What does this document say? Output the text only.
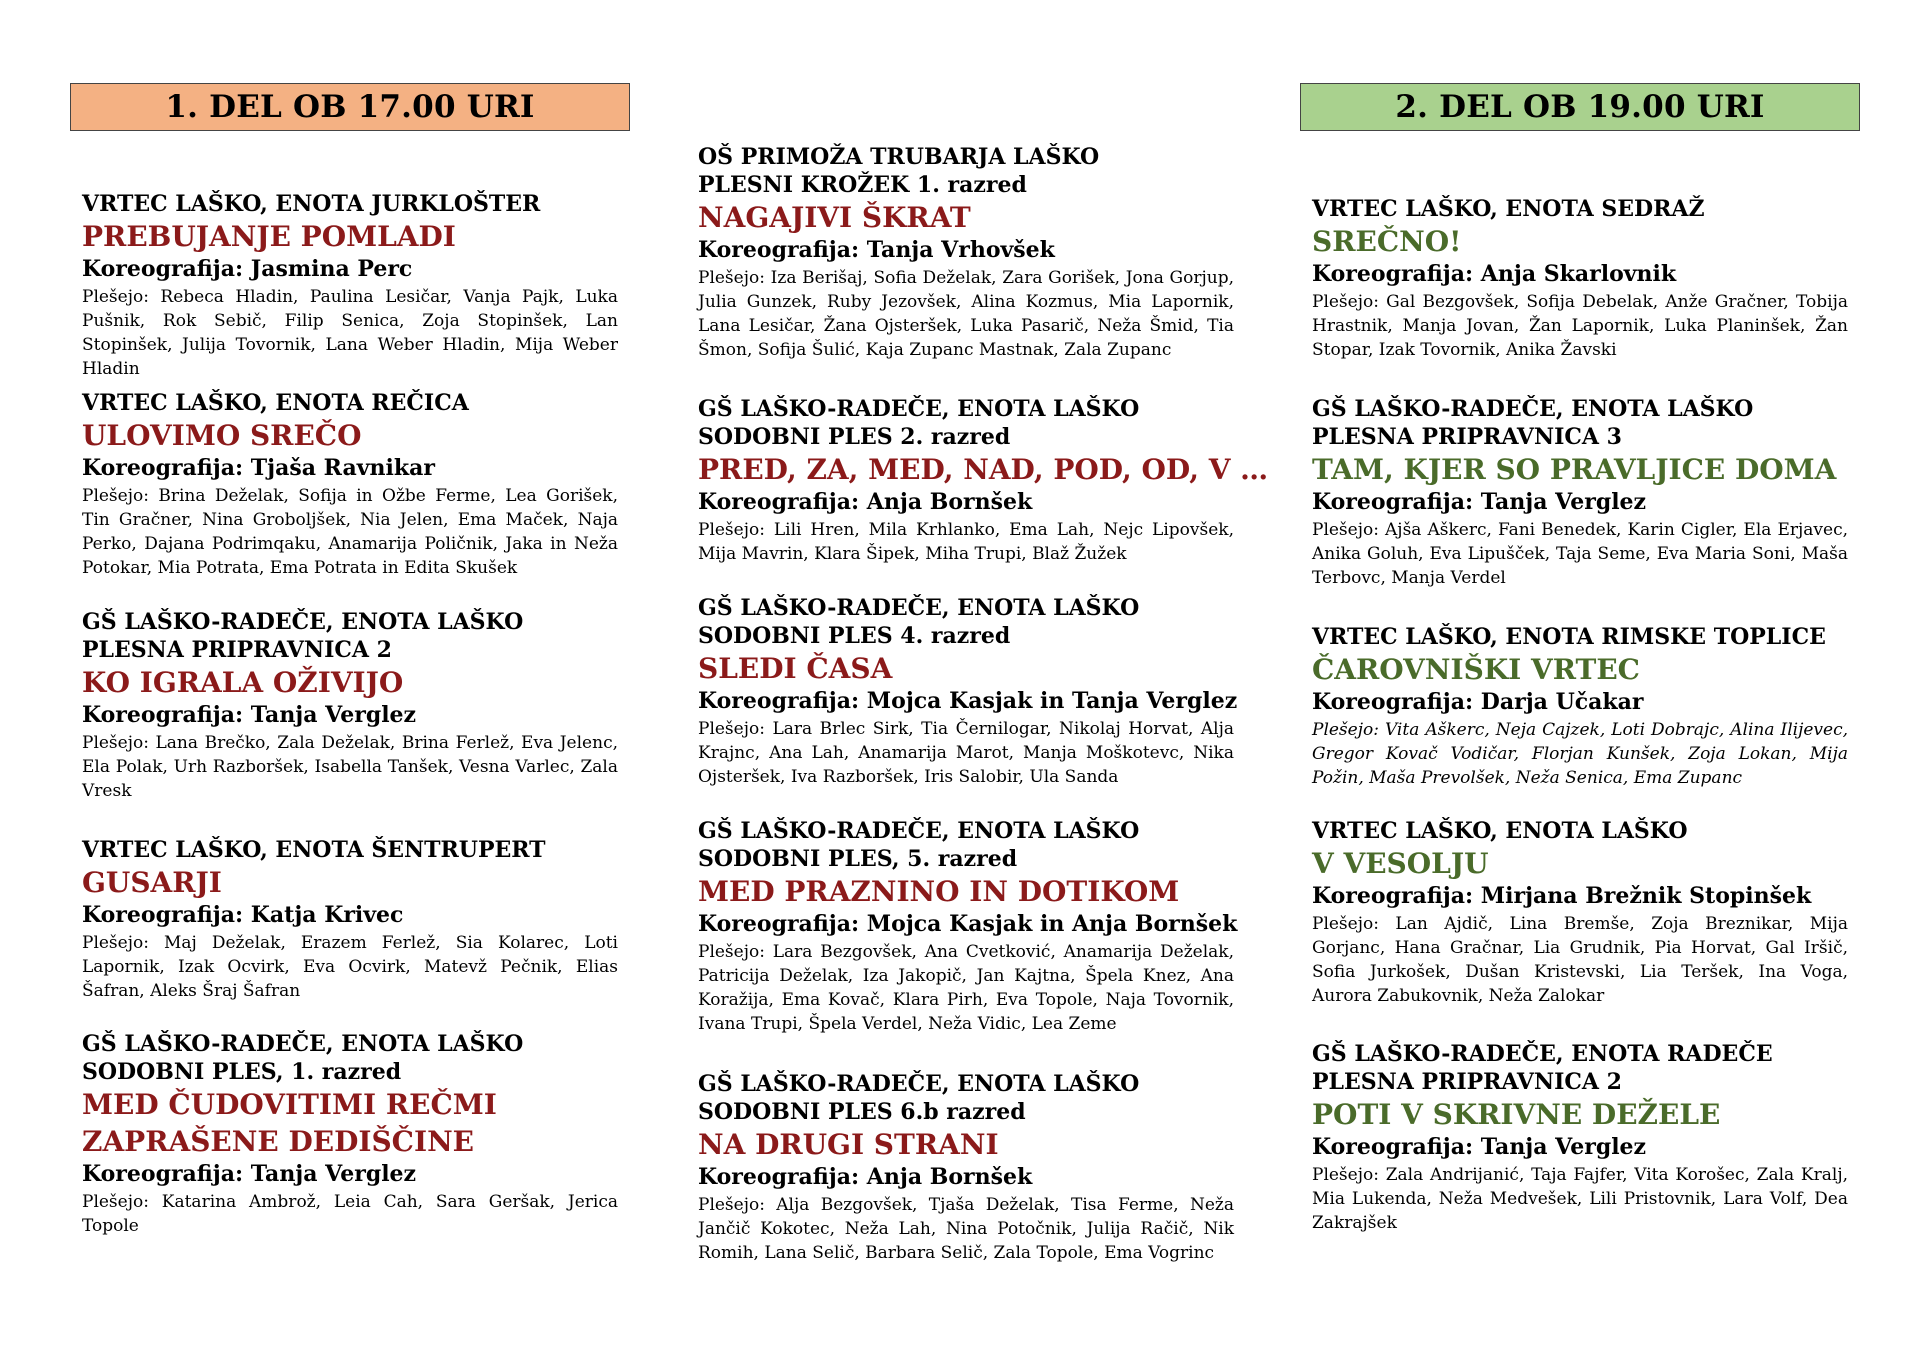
1. DEL OB 17.00 URI
VRTEC LAŠKO, ENOTA JURKLOŠTER
PREBUJANJE POMLADI
Koreografija: Jasmina Perc
Plešejo: Rebeca Hladin, Paulina Lesičar, Vanja Pajk, Luka Pušnik, Rok Sebič, Filip Senica, Zoja Stopinšek, Lan Stopinšek, Julija Tovornik, Lana Weber Hladin, Mija Weber Hladin
VRTEC LAŠKO, ENOTA REČICA
ULOVIMO SREČO
Koreografija: Tjaša Ravnikar
Plešejo: Brina Deželak, Sofija in Ožbe Ferme, Lea Gorišek, Tin Gračner, Nina Groboljšek, Nia Jelen, Ema Maček, Naja Perko, Dajana Podrimqaku, Anamarija Poličnik, Jaka in Neža Potokar, Mia Potrata, Ema Potrata in Edita Skušek
GŠ LAŠKO-RADEČE, ENOTA LAŠKO
PLESNA PRIPRAVNICA 2
KO IGRALA OŽIVIJO
Koreografija: Tanja Verglez
Plešejo: Lana Brečko, Zala Deželak, Brina Ferlež, Eva Jelenc, Ela Polak, Urh Razboršek, Isabella Tanšek, Vesna Varlec, Zala Vresk
VRTEC LAŠKO, ENOTA ŠENTRUPERT
GUSARJI
Koreografija: Katja Krivec
Plešejo: Maj Deželak, Erazem Ferlež, Sia Kolarec, Loti Lapornik, Izak Ocvirk, Eva Ocvirk, Matevž Pečnik, Elias Šafran, Aleks Šraj Šafran
GŠ LAŠKO-RADEČE, ENOTA LAŠKO
SODOBNI PLES, 1. razred
MED ČUDOVITIMI REČMI
ZAPRAŠENE DEDIŠČINE
Koreografija: Tanja Verglez
Plešejo: Katarina Ambrož, Leia Cah, Sara Geršak, Jerica Topole
OŠ PRIMOŽA TRUBARJA LAŠKO
PLESNI KROŽEK 1. razred
NAGAJIVI ŠKRAT
Koreografija: Tanja Vrhovšek
Plešejo: Iza Berišaj, Sofia Deželak, Zara Gorišek, Jona Gorjup, Julia Gunzek, Ruby Jezovšek, Alina Kozmus, Mia Lapornik, Lana Lesičar, Žana Ojsteršek, Luka Pasarič, Neža Šmid, Tia Šmon, Sofija Šulić, Kaja Zupanc Mastnak, Zala Zupanc
GŠ LAŠKO-RADEČE, ENOTA LAŠKO
SODOBNI PLES 2. razred
PRED, ZA, MED, NAD, POD, OD, V …
Koreografija: Anja Bornšek
Plešejo: Lili Hren, Mila Krhlanko, Ema Lah, Nejc Lipovšek, Mija Mavrin, Klara Šipek, Miha Trupi, Blaž Žužek
GŠ LAŠKO-RADEČE, ENOTA LAŠKO
SODOBNI PLES 4. razred
SLEDI ČASA
Koreografija: Mojca Kasjak in Tanja Verglez
Plešejo: Lara Brlec Sirk, Tia Černilogar, Nikolaj Horvat, Alja Krajnc, Ana Lah, Anamarija Marot, Manja Moškotevc, Nika Ojsteršek, Iva Razboršek, Iris Salobir, Ula Sanda
GŠ LAŠKO-RADEČE, ENOTA LAŠKO
SODOBNI PLES, 5. razred
MED PRAZNINO IN DOTIKOM
Koreografija: Mojca Kasjak in Anja Bornšek
Plešejo: Lara Bezgovšek, Ana Cvetković, Anamarija Deželak, Patricija Deželak, Iza Jakopič, Jan Kajtna, Špela Knez, Ana Koražija, Ema Kovač, Klara Pirh, Eva Topole, Naja Tovornik, Ivana Trupi, Špela Verdel, Neža Vidic, Lea Zeme
GŠ LAŠKO-RADEČE, ENOTA LAŠKO
SODOBNI PLES 6.b razred
NA DRUGI STRANI
Koreografija: Anja Bornšek
Plešejo: Alja Bezgovšek, Tjaša Deželak, Tisa Ferme, Neža Jančič Kokotec, Neža Lah, Nina Potočnik, Julija Račič, Nik Romih, Lana Selič, Barbara Selič, Zala Topole, Ema Vogrinc
2. DEL OB 19.00 URI
VRTEC LAŠKO, ENOTA SEDRAŽ
SREČNO!
Koreografija: Anja Skarlovnik
Plešejo: Gal Bezgovšek, Sofija Debelak, Anže Gračner, Tobija Hrastnik, Manja Jovan, Žan Lapornik, Luka Planinšek, Žan Stopar, Izak Tovornik, Anika Žavski
GŠ LAŠKO-RADEČE, ENOTA LAŠKO
PLESNA PRIPRAVNICA 3
TAM, KJER SO PRAVLJICE DOMA
Koreografija: Tanja Verglez
Plešejo: Ajša Aškerc, Fani Benedek, Karin Cigler, Ela Erjavec, Anika Goluh, Eva Lipušček, Taja Seme, Eva Maria Soni, Maša Terbovc, Manja Verdel
VRTEC LAŠKO, ENOTA RIMSKE TOPLICE
ČAROVNIŠKI VRTEC
Koreografija: Darja Učakar
Plešejo: Vita Aškerc, Neja Cajzek, Loti Dobrajc, Alina Ilijevec, Gregor Kovač Vodičar, Florjan Kunšek, Zoja Lokan, Mija Požin, Maša Prevolšek, Neža Senica, Ema Zupanc
VRTEC LAŠKO, ENOTA LAŠKO
V VESOLJU
Koreografija: Mirjana Brežnik Stopinšek
Plešejo: Lan Ajdič, Lina Bremše, Zoja Breznikar, Mija Gorjanc, Hana Gračnar, Lia Grudnik, Pia Horvat, Gal Iršič, Sofia Jurkošek, Dušan Kristevski, Lia Teršek, Ina Voga, Aurora Zabukovnik, Neža Zalokar
GŠ LAŠKO-RADEČE, ENOTA RADEČE
PLESNA PRIPRAVNICA 2
POTI V SKRIVNE DEŽELE
Koreografija: Tanja Verglez
Plešejo: Zala Andrijanić, Taja Fajfer, Vita Korošec, Zala Kralj, Mia Lukenda, Neža Medvešek, Lili Pristovnik, Lara Volf, Dea Zakrajšek
